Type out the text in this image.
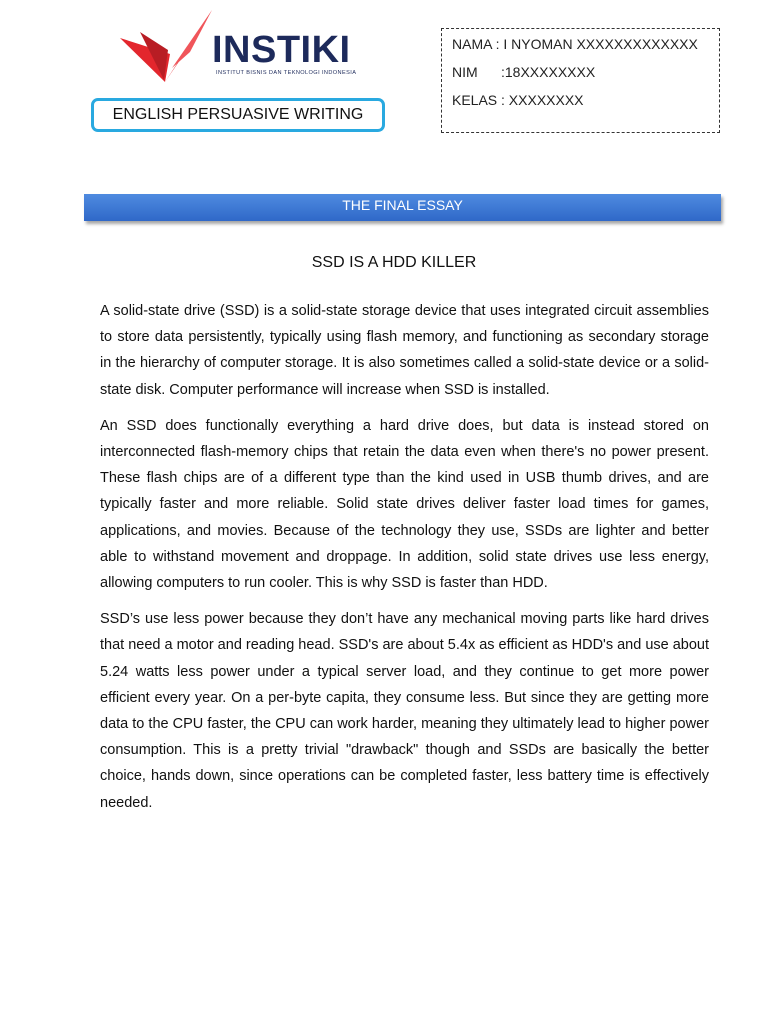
INSTIKI
INSTITUT BISNIS DAN TEKNOLOGI INDONESIA
ENGLISH PERSUASIVE WRITING
NAMA : I NYOMAN XXXXXXXXXXXXX
NIM      :18XXXXXXXX
KELAS : XXXXXXXX
THE FINAL ESSAY
SSD IS A HDD KILLER

A solid-state drive (SSD) is a solid-state storage device that uses integrated circuit assemblies to store data persistently, typically using flash memory, and functioning as secondary storage in the hierarchy of computer storage. It is also sometimes called a solid-state device or a solid-state disk. Computer performance will increase when SSD is installed.

An SSD does functionally everything a hard drive does, but data is instead stored on interconnected flash-memory chips that retain the data even when there's no power present. These flash chips are of a different type than the kind used in USB thumb drives, and are typically faster and more reliable. Solid state drives deliver faster load times for games, applications, and movies. Because of the technology they use, SSDs are lighter and better able to withstand movement and droppage. In addition, solid state drives use less energy, allowing computers to run cooler. This is why SSD is faster than HDD.

SSD’s use less power because they don’t have any mechanical moving parts like hard drives that need a motor and reading head. SSD's are about 5.4x as efficient as HDD's and use about 5.24 watts less power under a typical server load, and they continue to get more power efficient every year. On a per-byte capita, they consume less. But since they are getting more data to the CPU faster, the CPU can work harder, meaning they ultimately lead to higher power consumption. This is a pretty trivial "drawback" though and SSDs are basically the better choice, hands down, since operations can be completed faster, less battery time is effectively needed.
